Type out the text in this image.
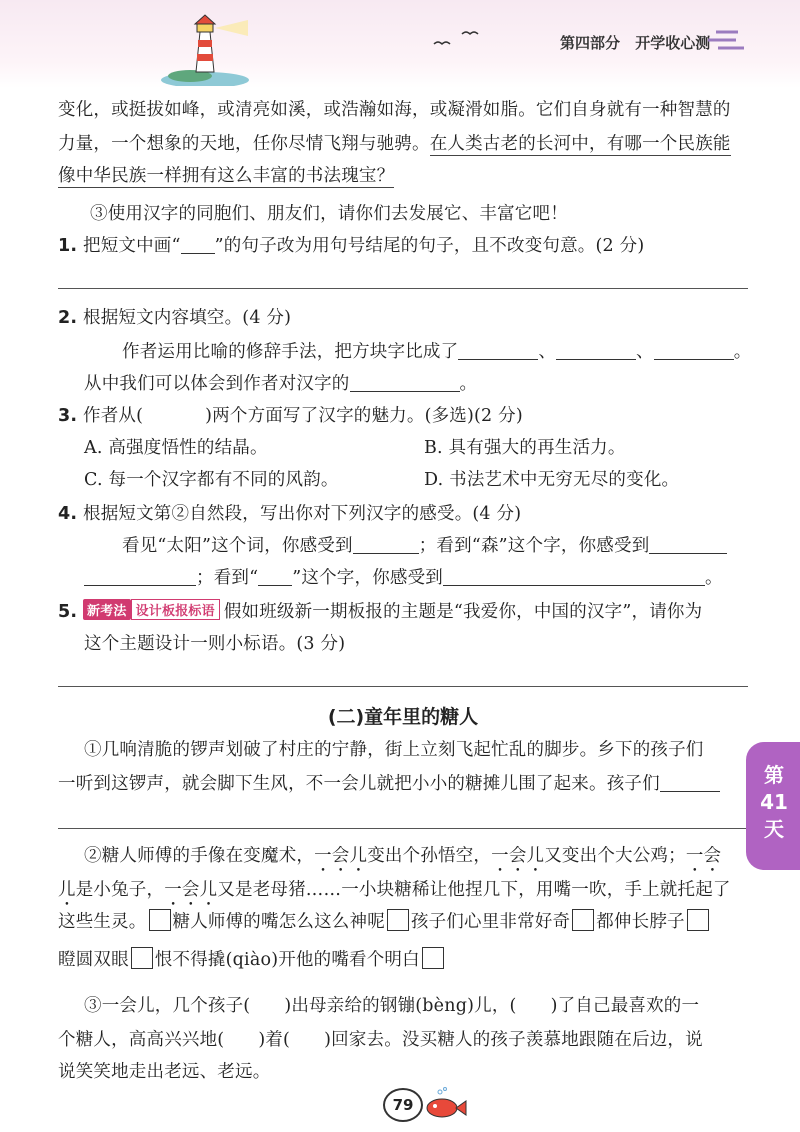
第四部分 开学收心测
变化，或挺拔如峰，或清亮如溪，或浩瀚如海，或凝滑如脂。它们自身就有一种智慧的
力量，一个想象的天地，任你尽情飞翔与驰骋。在人类古老的长河中，有哪一个民族能
像中华民族一样拥有这么丰富的书法瑰宝？
③使用汉字的同胞们、朋友们，请你们去发展它、丰富它吧！
1. 把短文中画“ ”的句子改为用句号结尾的句子，且不改变句意。(2 分)
2. 根据短文内容填空。(4 分)
作者运用比喻的修辞手法，把方块字比成了	、	、	。
从中我们可以体会到作者对汉字的	。
3. 作者从(	)两个方面写了汉字的魅力。(多选)(2 分)
A. 高强度悟性的结晶。	B. 具有强大的再生活力。
C. 每一个汉字都有不同的风韵。	D. 书法艺术中无穷无尽的变化。
4. 根据短文第②自然段，写出你对下列汉字的感受。(4 分)
看见“太阳”这个词，你感受到	；看到“森”这个字，你感受到
；看到“ ”这个字，你感受到	。
5. 新考法 设计板报标语 假如班级新一期板报的主题是“我爱你，中国的汉字”，请你为
这个主题设计一则小标语。(3 分)
(二)童年里的糖人
①几响清脆的锣声划破了村庄的宁静，街上立刻飞起忙乱的脚步。乡下的孩子们
一听到这锣声，就会脚下生风，不一会儿就把小小的糖摊儿围了起来。孩子们
②糖人师傅的手像在变魔术，一会儿变出个孙悟空，一会儿又变出个大公鸡；一会
儿是小兔子，一会儿又是老母猪……一小块糖稀让他捏几下，用嘴一吹，手上就托起了
这些生灵。 糖人师傅的嘴怎么这么神呢 孩子们心里非常好奇 都伸长脖子
瞪圆双眼 恨不得撬(qiào)开他的嘴看个明白
③一会儿，几个孩子( )出母亲给的钢镚(bèng)儿，( )了自己最喜欢的一
个糖人，高高兴兴地( )着( )回家去。没买糖人的孩子羡慕地跟随在后边，说
说笑笑地走出老远、老远。
第
41
天
79
